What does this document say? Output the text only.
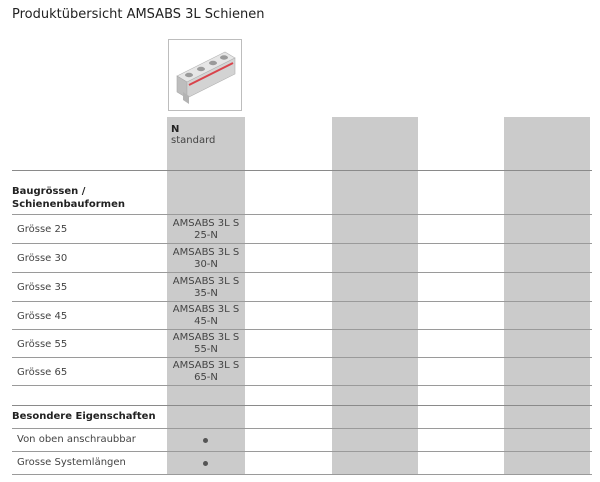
Produktübersicht AMSABS 3L Schienen
N
standard
Baugrössen / Schienenbauformen
Grösse 25
AMSABS 3L S
25-N
Grösse 30
AMSABS 3L S
30-N
Grösse 35
AMSABS 3L S
35-N
Grösse 45
AMSABS 3L S
45-N
Grösse 55
AMSABS 3L S
55-N
Grösse 65
AMSABS 3L S
65-N
Besondere Eigenschaften
Von oben anschraubbar
Grosse Systemlängen
